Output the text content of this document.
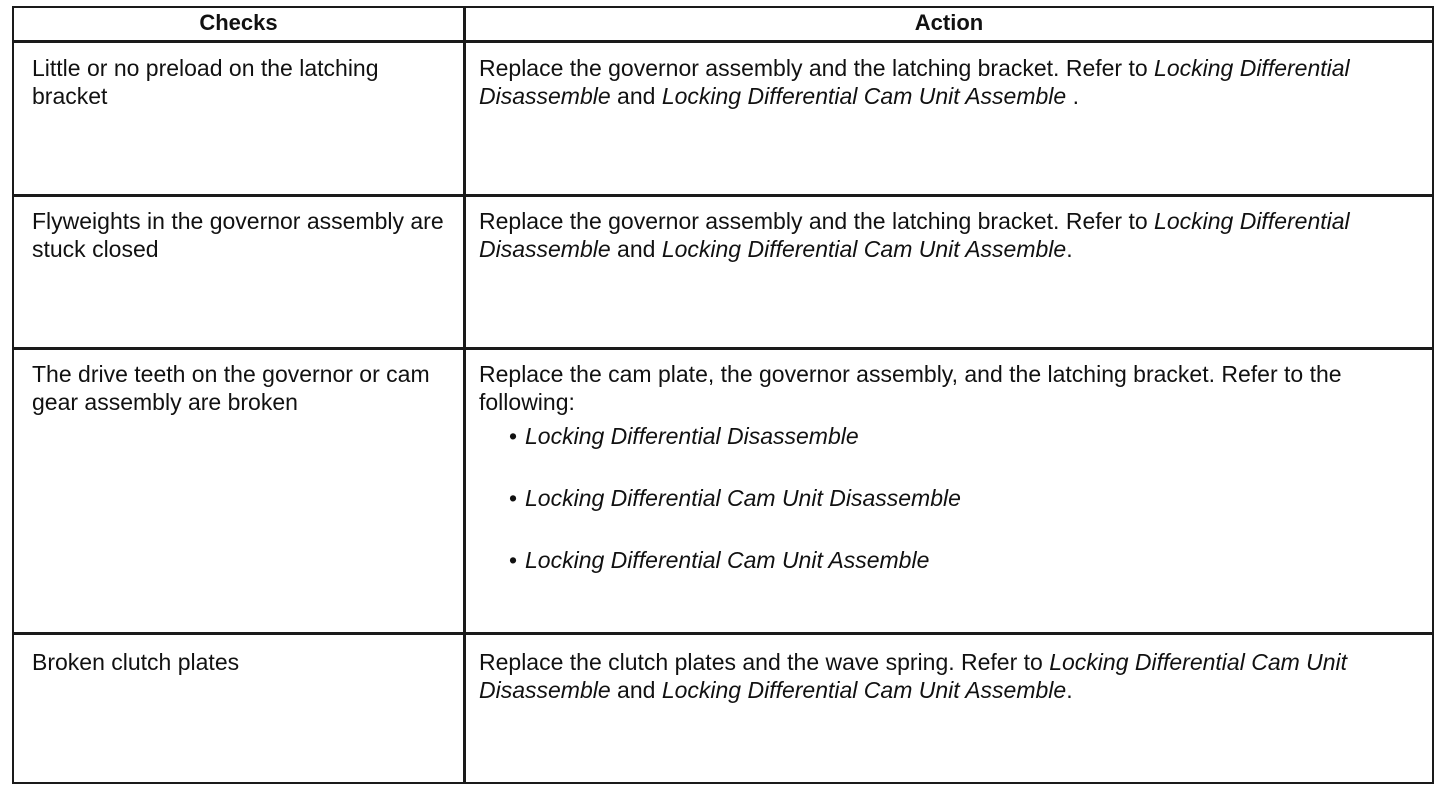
Checks	Action
Little or no preload on the latching bracket
Replace the governor assembly and the latching bracket. Refer to Locking Differential Disassemble and Locking Differential Cam Unit Assemble .
Flyweights in the governor assembly are stuck closed
Replace the governor assembly and the latching bracket. Refer to Locking Differential Disassemble and Locking Differential Cam Unit Assemble.
The drive teeth on the governor or cam gear assembly are broken
Replace the cam plate, the governor assembly, and the latching bracket. Refer to the following:
• Locking Differential Disassemble
• Locking Differential Cam Unit Disassemble
• Locking Differential Cam Unit Assemble
Broken clutch plates	Replace the clutch plates and the wave spring. Refer to Locking Differential Cam Unit Disassemble and Locking Differential Cam Unit Assemble.
